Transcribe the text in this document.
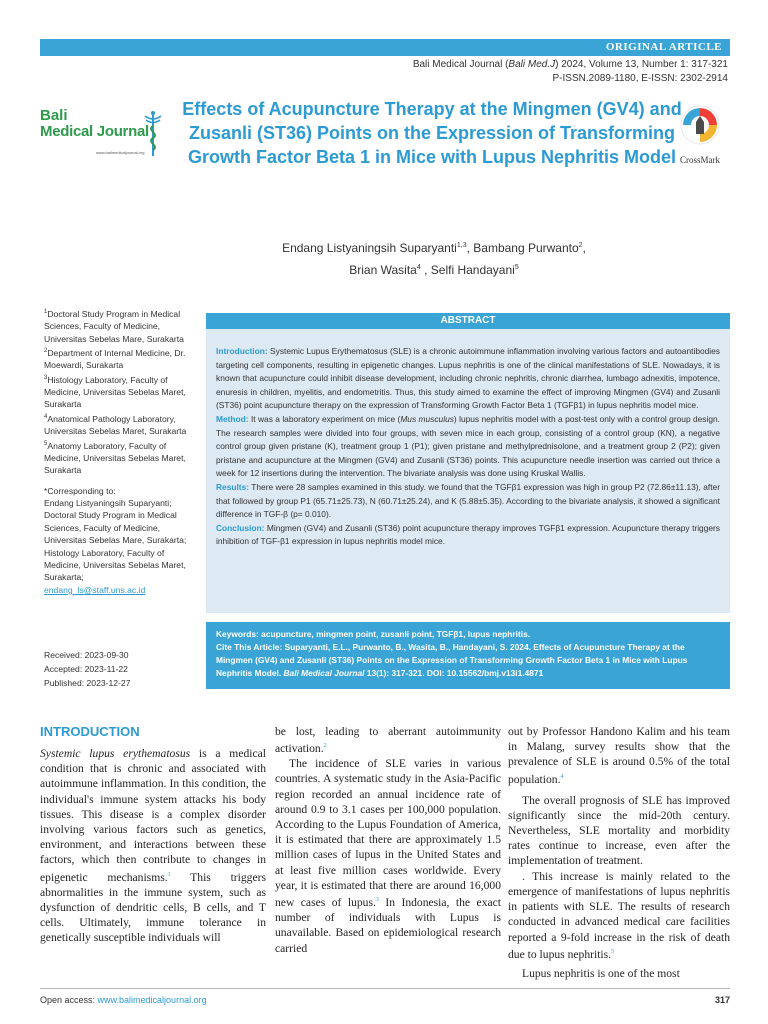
ORIGINAL ARTICLE
Bali Medical Journal (Bali Med.J) 2024, Volume 13, Number 1: 317-321
P-ISSN.2089-1180, E-ISSN: 2302-2914
Bali
Medical Journal
www.balimedicaljournal.org
Effects of Acupuncture Therapy at the Mingmen (GV4) and Zusanli (ST36) Points on the Expression of Transforming Growth Factor Beta 1 in Mice with Lupus Nephritis Model CrossMark
Endang Listyaningsih Suparyanti$^{1,3}$, Bambang Purwanto$^2$,
Brian Wasita$^4$ , Selfi Handayani$^5$

$^1$Doctoral Study Program in Medical Sciences, Faculty of Medicine, Universitas Sebelas Mare, Surakarta

$^2$Department of Internal Medicine, Dr. Moewardi, Surakarta

$^3$Histology Laboratory, Faculty of Medicine, Universitas Sebelas Maret, Surakarta

$^4$Anatomical Pathology Laboratory, Universitas Sebelas Maret, Surakarta

$^5$Anatomy Laboratory, Faculty of Medicine, Universitas Sebelas Maret, Surakarta

*Corresponding to:

Endang Listyaningsih Suparyanti; Doctoral Study Program in Medical Sciences, Faculty of Medicine, Universitas Sebelas Mare, Surakarta; Histology Laboratory, Faculty of Medicine, Universitas Sebelas Maret, Surakarta;

endang_ls@staff.uns.ac.id

Received: 2023-09-30

Accepted: 2023-11-22

Published: 2023-12-27

ABSTRACT

Introduction: Systemic Lupus Erythematosus (SLE) is a chronic autoimmune inflammation involving various factors and autoantibodies targeting cell components, resulting in epigenetic changes. Lupus nephritis is one of the clinical manifestations of SLE. Nowadays, it is known that acupuncture could inhibit disease development, including chronic nephritis, chronic diarrhea, lumbago adnexitis, impotence, enuresis in children, myelitis, and endometritis. Thus, this study aimed to examine the effect of improving Mingmen (GV4) and Zusanli (ST36) point acupuncture therapy on the expression of Transforming Growth Factor Beta 1 (TGFβ1) in lupus nephritis model mice.

Method: It was a laboratory experiment on mice (Mus musculus) lupus nephritis model with a post-test only with a control group design. The research samples were divided into four groups, with seven mice in each group, consisting of a control group (KN), a negative control group given pristane (K), treatment group 1 (P1); given pristane and methylprednisolone, and a treatment group 2 (P2); given pristane and acupuncture at the Mingmen (GV4) and Zusanli (ST36) points. This acupuncture needle insertion was carried out thrice a week for 12 insertions during the intervention. The bivariate analysis was done using Kruskal Wallis.

Results: There were 28 samples examined in this study. we found that the TGFβ1 expression was high in group P2 (72.86±11.13), after that followed by group P1 (65.71±25.73), N (60.71±25.24), and K (5.88±5.35). According to the bivariate analysis, it showed a significant difference in TGF-β (p= 0.010).

Conclusion: Mingmen (GV4) and Zusanli (ST36) point acupuncture therapy improves TGFβ1 expression. Acupuncture therapy triggers inhibition of TGF-β1 expression in lupus nephritis model mice.

Keywords: acupuncture, mingmen point, zusanli point, TGFβ1, lupus nephritis.

Cite This Article: Suparyanti, E.L., Purwanto, B., Wasita, B., Handayani, S. 2024. Effects of Acupuncture Therapy at the Mingmen (GV4) and Zusanli (ST36) Points on the Expression of Transforming Growth Factor Beta 1 in Mice with Lupus Nephritis Model. Bali Medical Journal 13(1): 317-321. DOI: 10.15562/bmj.v13i1.4871

INTRODUCTION

Systemic lupus erythematosus is a medical condition that is chronic and associated with autoimmune inflammation. In this condition, the individual's immune system attacks his body tissues. This disease is a complex disorder involving various factors such as genetics, environment, and interactions between these factors, which then contribute to changes in epigenetic mechanisms.$^1$ This triggers abnormalities in the immune system, such as dysfunction of dendritic cells, B cells, and T cells. Ultimately, immune tolerance in genetically susceptible individuals will

be lost, leading to aberrant autoimmunity activation.$^2$

The incidence of SLE varies in various countries. A systematic study in the Asia-Pacific region recorded an annual incidence rate of around 0.9 to 3.1 cases per 100,000 population. According to the Lupus Foundation of America, it is estimated that there are approximately 1.5 million cases of lupus in the United States and at least five million cases worldwide. Every year, it is estimated that there are around 16,000 new cases of lupus.$^3$ In Indonesia, the exact number of individuals with Lupus is unavailable. Based on epidemiological research carried

out by Professor Handono Kalim and his team in Malang, survey results show that the prevalence of SLE is around 0.5% of the total population.$^4$

The overall prognosis of SLE has improved significantly since the mid-20th century. Nevertheless, SLE mortality and morbidity rates continue to increase, even after the implementation of treatment.

. This increase is mainly related to the emergence of manifestations of lupus nephritis in patients with SLE. The results of research conducted in advanced medical care facilities reported a 9-fold increase in the risk of death due to lupus nephritis.$^5$

Lupus nephritis is one of the most

Open access: www.balimedicaljournal.org	317
